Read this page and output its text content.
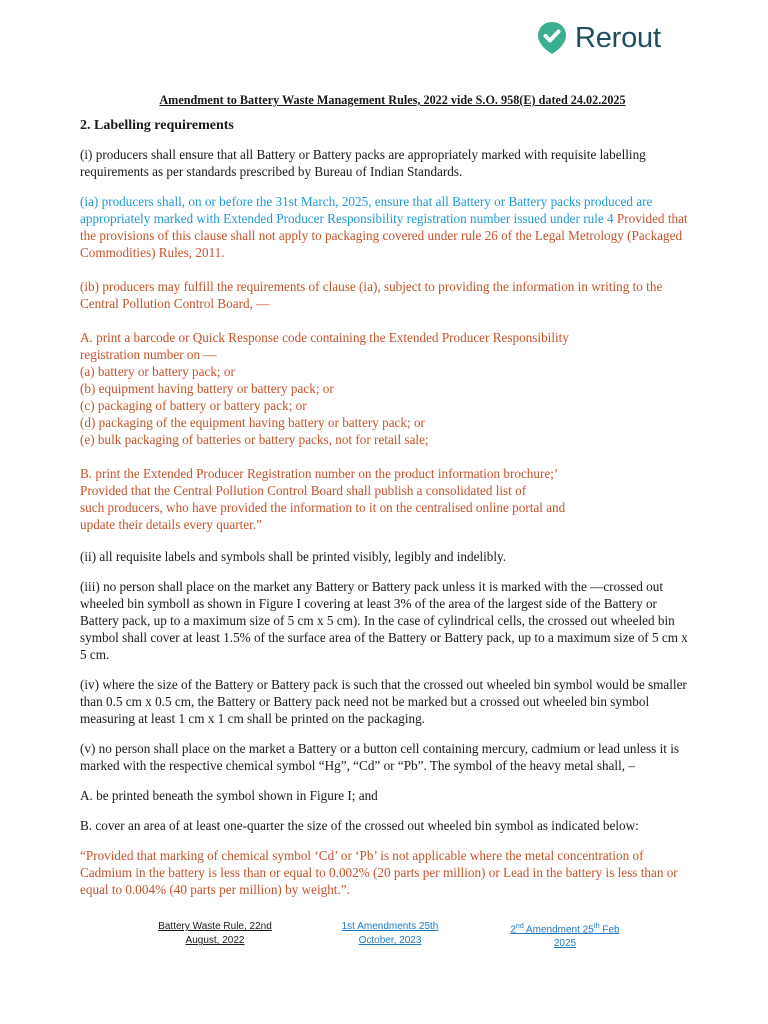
Rerout
Amendment to Battery Waste Management Rules, 2022 vide S.O. 958(E) dated 24.02.2025
2. Labelling requirements

(i) producers shall ensure that all Battery or Battery packs are appropriately marked with requisite labelling requirements as per standards prescribed by Bureau of Indian Standards.

(ia) producers shall, on or before the 31st March, 2025, ensure that all Battery or Battery packs produced are appropriately marked with Extended Producer Responsibility registration number issued under rule 4 Provided that the provisions of this clause shall not apply to packaging covered under rule 26 of the Legal Metrology (Packaged Commodities) Rules, 2011.

(ib) producers may fulfill the requirements of clause (ia), subject to providing the information in writing to the Central Pollution Control Board, —

A. print a barcode or Quick Response code containing the Extended Producer Responsibility

registration number on —

(a) battery or battery pack; or

(b) equipment having battery or battery pack; or

(c) packaging of battery or battery pack; or

(d) packaging of the equipment having battery or battery pack; or

(e) bulk packaging of batteries or battery packs, not for retail sale;

B. print the Extended Producer Registration number on the product information brochure;’

Provided that the Central Pollution Control Board shall publish a consolidated list of

such producers, who have provided the information to it on the centralised online portal and

update their details every quarter.”

(ii) all requisite labels and symbols shall be printed visibly, legibly and indelibly.

(iii) no person shall place on the market any Battery or Battery pack unless it is marked with the —crossed out wheeled bin symbol‖ as shown in Figure I covering at least 3% of the area of the largest side of the Battery or Battery pack, up to a maximum size of 5 cm x 5 cm). In the case of cylindrical cells, the crossed out wheeled bin symbol shall cover at least 1.5% of the surface area of the Battery or Battery pack, up to a maximum size of 5 cm x 5 cm.

(iv) where the size of the Battery or Battery pack is such that the crossed out wheeled bin symbol would be smaller than 0.5 cm x 0.5 cm, the Battery or Battery pack need not be marked but a crossed out wheeled bin symbol measuring at least 1 cm x 1 cm shall be printed on the packaging.

(v) no person shall place on the market a Battery or a button cell containing mercury, cadmium or lead unless it is marked with the respective chemical symbol “Hg”, “Cd” or “Pb”. The symbol of the heavy metal shall, –

A. be printed beneath the symbol shown in Figure I; and

B. cover an area of at least one-quarter the size of the crossed out wheeled bin symbol as indicated below:

“Provided that marking of chemical symbol ‘Cd’ or ‘Pb’ is not applicable where the metal concentration of Cadmium in the battery is less than or equal to 0.002% (20 parts per million) or Lead in the battery is less than or equal to 0.004% (40 parts per million) by weight.”.

Battery Waste Rule, 22nd
August, 2022
1st Amendments 25th
October, 2023
2nd Amendment 25th Feb
2025
